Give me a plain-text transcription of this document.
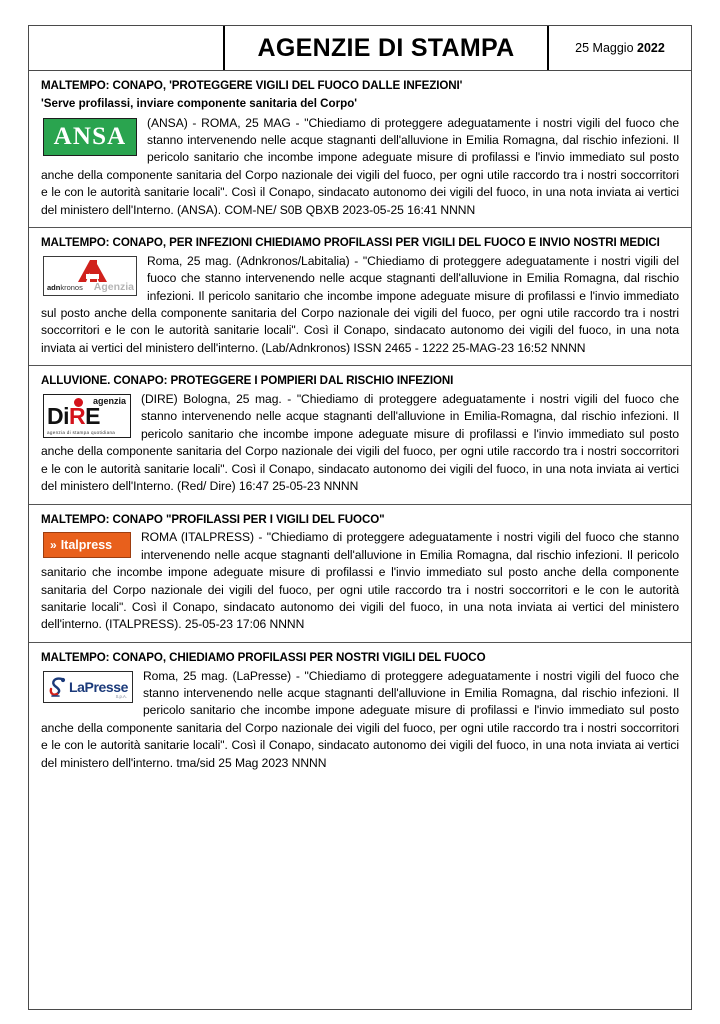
AGENZIE DI STAMPA	25 Maggio 2022
MALTEMPO: CONAPO, 'PROTEGGERE VIGILI DEL FUOCO DALLE INFEZIONI'
'Serve profilassi, inviare componente sanitaria del Corpo'
ANSA
(ANSA) - ROMA, 25 MAG - "Chiediamo di proteggere adeguatamente i nostri vigili del fuoco che stanno intervenendo nelle acque stagnanti dell'alluvione in Emilia Romagna, dal rischio infezioni. Il pericolo sanitario che incombe impone adeguate misure di profilassi e l'invio immediato sul posto anche della componente sanitaria del Corpo nazionale dei vigili del fuoco, per ogni utile raccordo tra i nostri soccorritori e le con le autorità sanitarie locali". Così il Conapo, sindacato autonomo dei vigili del fuoco, in una nota inviata ai vertici del ministero dell'Interno. (ANSA). COM-NE/ S0B QBXB 2023-05-25 16:41 NNNN
MALTEMPO: CONAPO, PER INFEZIONI CHIEDIAMO PROFILASSI PER VIGILI DEL FUOCO E INVIO NOSTRI MEDICI
adnkronos Agenzia
Roma, 25 mag. (Adnkronos/Labitalia) - "Chiediamo di proteggere adeguatamente i nostri vigili del fuoco che stanno intervenendo nelle acque stagnanti dell'alluvione in Emilia Romagna, dal rischio infezioni. Il pericolo sanitario che incombe impone adeguate misure di profilassi e l'invio immediato sul posto anche della componente sanitaria del Corpo nazionale dei vigili del fuoco, per ogni utile raccordo tra i nostri soccorritori e le con le autorità sanitarie locali". Così il Conapo, sindacato autonomo dei vigili del fuoco, in una nota inviata ai vertici del ministero dell'interno. (Lab/Adnkronos) ISSN 2465 - 1222 25-MAG-23 16:52 NNNN
ALLUVIONE. CONAPO: PROTEGGERE I POMPIERI DAL RISCHIO INFEZIONI
agenzia
DiRE
agenzia di stampa quotidiana
(DIRE) Bologna, 25 mag. - "Chiediamo di proteggere adeguatamente i nostri vigili del fuoco che stanno intervenendo nelle acque stagnanti dell'alluvione in Emilia-Romagna, dal rischio infezioni. Il pericolo sanitario che incombe impone adeguate misure di profilassi e l'invio immediato sul posto anche della componente sanitaria del Corpo nazionale dei vigili del fuoco, per ogni utile raccordo tra i nostri soccorritori e le con le autorità sanitarie locali". Così il Conapo, sindacato autonomo dei vigili del fuoco, in una nota inviata ai vertici del ministero dell'Interno. (Red/ Dire) 16:47 25-05-23 NNNN
MALTEMPO: CONAPO "PROFILASSI PER I VIGILI DEL FUOCO"
» Italpress
ROMA (ITALPRESS) - "Chiediamo di proteggere adeguatamente i nostri vigili del fuoco che stanno intervenendo nelle acque stagnanti dell'alluvione in Emilia Romagna, dal rischio infezioni. Il pericolo sanitario che incombe impone adeguate misure di profilassi e l'invio immediato sul posto anche della componente sanitaria del Corpo nazionale dei vigili del fuoco, per ogni utile raccordo tra i nostri soccorritori e le con le autorità sanitarie locali". Così il Conapo, sindacato autonomo dei vigili del fuoco, in una nota inviata ai vertici del ministero dell'interno. (ITALPRESS). 25-05-23 17:06 NNNN
MALTEMPO: CONAPO, CHIEDIAMO PROFILASSI PER NOSTRI VIGILI DEL FUOCO
LaPresse
S.p.A.
Roma, 25 mag. (LaPresse) - "Chiediamo di proteggere adeguatamente i nostri vigili del fuoco che stanno intervenendo nelle acque stagnanti dell'alluvione in Emilia Romagna, dal rischio infezioni. Il pericolo sanitario che incombe impone adeguate misure di profilassi e l'invio immediato sul posto anche della componente sanitaria del Corpo nazionale dei vigili del fuoco, per ogni utile raccordo tra i nostri soccorritori e le con le autorità sanitarie locali". Così il Conapo, sindacato autonomo dei vigili del fuoco, in una nota inviata ai vertici del ministero dell'interno. tma/sid 25 Mag 2023 NNNN
